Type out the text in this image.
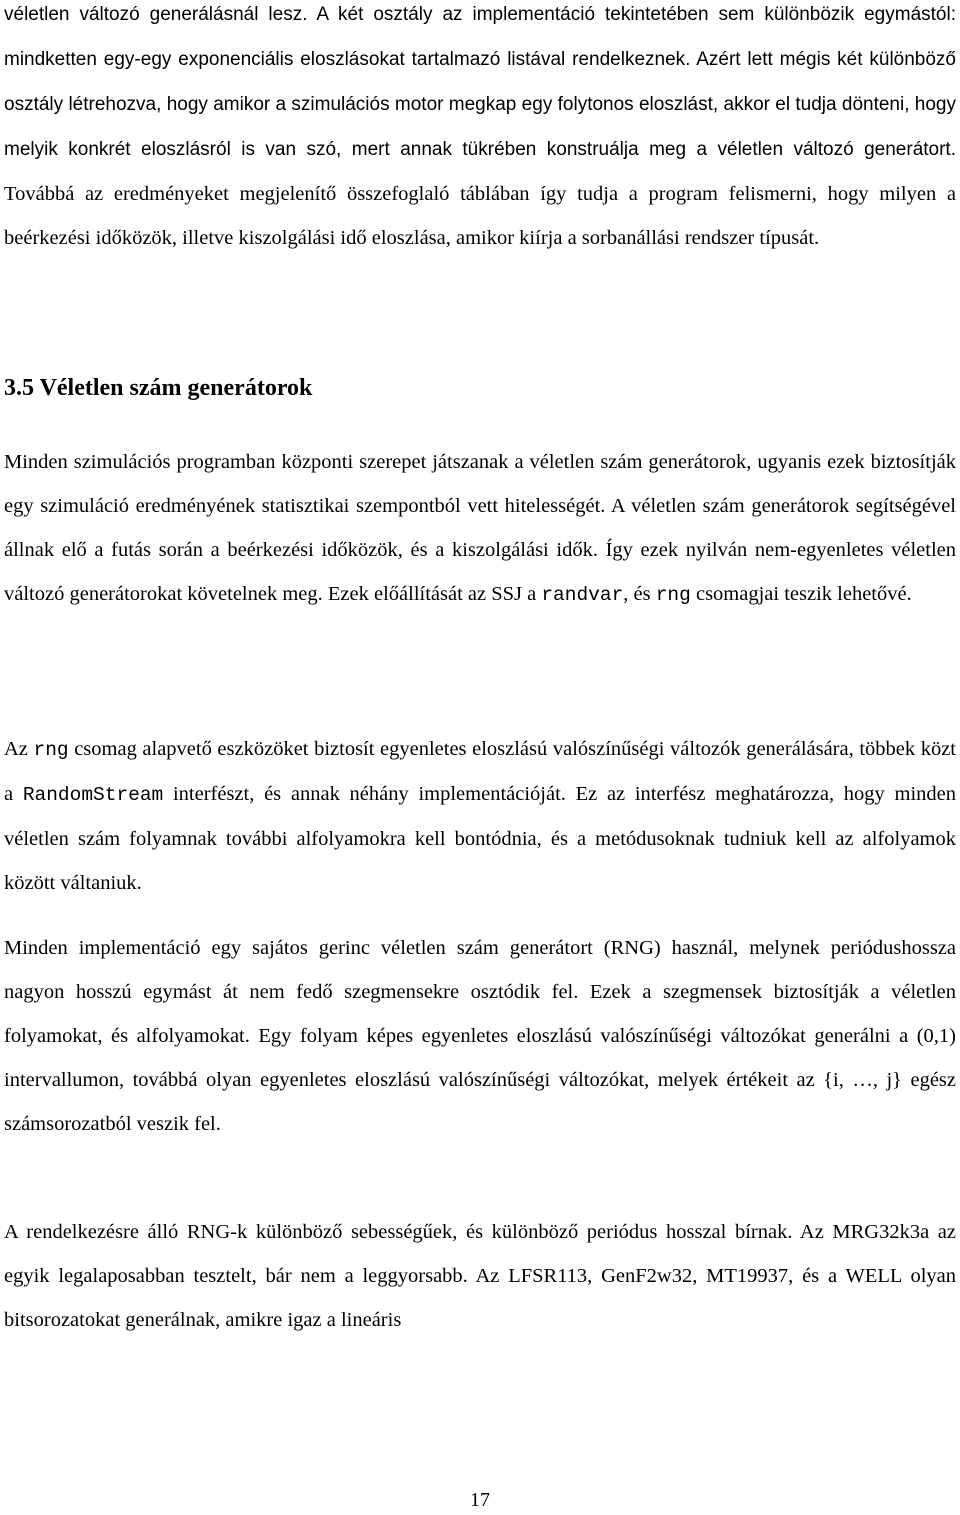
véletlen változó generálásnál lesz. A két osztály az implementáció tekintetében sem különbözik egymástól: mindketten egy-egy exponenciális eloszlásokat tartalmazó listával rendelkeznek. Azért lett mégis két különböző osztály létrehozva, hogy amikor a szimulációs motor megkap egy folytonos eloszlást, akkor el tudja dönteni, hogy melyik konkrét eloszlásról is van szó, mert annak tükrében konstruálja meg a véletlen változó generátort. Továbbá az eredményeket megjelenítő összefoglaló táblában így tudja a program felismerni, hogy milyen a beérkezési időközök, illetve kiszolgálási idő eloszlása, amikor kiírja a sorbanállási rendszer típusát.

3.5 Véletlen szám generátorok

Minden szimulációs programban központi szerepet játszanak a véletlen szám generátorok, ugyanis ezek biztosítják egy szimuláció eredményének statisztikai szempontból vett hitelességét. A véletlen szám generátorok segítségével állnak elő a futás során a beérkezési időközök, és a kiszolgálási idők. Így ezek nyilván nem-egyenletes véletlen változó generátorokat követelnek meg. Ezek előállítását az SSJ a randvar, és rng csomagjai teszik lehetővé.

Az rng csomag alapvető eszközöket biztosít egyenletes eloszlású valószínűségi változók generálására, többek közt a RandomStream interfészt, és annak néhány implementációját. Ez az interfész meghatározza, hogy minden véletlen szám folyamnak további alfolyamokra kell bontódnia, és a metódusoknak tudniuk kell az alfolyamok között váltaniuk.

Minden implementáció egy sajátos gerinc véletlen szám generátort (RNG) használ, melynek periódushossza nagyon hosszú egymást át nem fedő szegmensekre osztódik fel. Ezek a szegmensek biztosítják a véletlen folyamokat, és alfolyamokat. Egy folyam képes egyenletes eloszlású valószínűségi változókat generálni a (0,1) intervallumon, továbbá olyan egyenletes eloszlású valószínűségi változókat, melyek értékeit az {i, …, j} egész számsorozatból veszik fel.

A rendelkezésre álló RNG-k különböző sebességűek, és különböző periódus hosszal bírnak. Az MRG32k3a az egyik legalaposabban tesztelt, bár nem a leggyorsabb. Az LFSR113, GenF2w32, MT19937, és a WELL olyan bitsorozatokat generálnak, amikre igaz a lineáris

17
